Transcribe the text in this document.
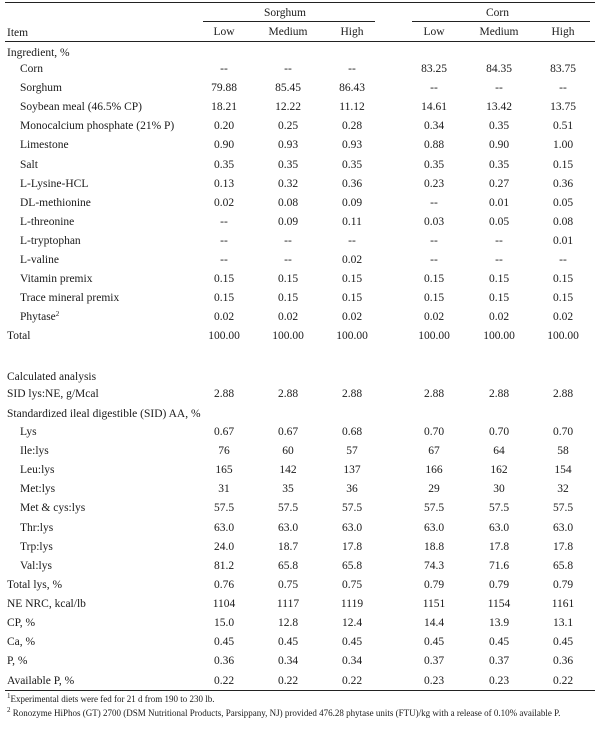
Sorghum	Corn
Item	Low	Medium	High	Low	Medium	High
Ingredient, %
Corn	--	--	--	83.25	84.35	83.75
Sorghum	79.88	85.45	86.43	--	--	--
Soybean meal (46.5% CP)	18.21	12.22	11.12	14.61	13.42	13.75
Monocalcium phosphate (21% P)	0.20	0.25	0.28	0.34	0.35	0.51
Limestone	0.90	0.93	0.93	0.88	0.90	1.00
Salt	0.35	0.35	0.35	0.35	0.35	0.15
L-Lysine-HCL	0.13	0.32	0.36	0.23	0.27	0.36
DL-methionine	0.02	0.08	0.09	--	0.01	0.05
L-threonine	--	0.09	0.11	0.03	0.05	0.08
L-tryptophan	--	--	--	--	--	0.01
L-valine	--	--	0.02	--	--	--
Vitamin premix	0.15	0.15	0.15	0.15	0.15	0.15
Trace mineral premix	0.15	0.15	0.15	0.15	0.15	0.15
Phytase$^2$	0.02	0.02	0.02	0.02	0.02	0.02
Total	100.00	100.00	100.00	100.00	100.00	100.00
Calculated analysis
SID lys:NE, g/Mcal	2.88	2.88	2.88	2.88	2.88	2.88
Standardized ileal digestible (SID) AA, %
Lys	0.67	0.67	0.68	0.70	0.70	0.70
Ile:lys	76	60	57	67	64	58
Leu:lys	165	142	137	166	162	154
Met:lys	31	35	36	29	30	32
Met & cys:lys	57.5	57.5	57.5	57.5	57.5	57.5
Thr:lys	63.0	63.0	63.0	63.0	63.0	63.0
Trp:lys	24.0	18.7	17.8	18.8	17.8	17.8
Val:lys	81.2	65.8	65.8	74.3	71.6	65.8
Total lys, %	0.76	0.75	0.75	0.79	0.79	0.79
NE NRC, kcal/lb	1104	1117	1119	1151	1154	1161
CP, %	15.0	12.8	12.4	14.4	13.9	13.1
Ca, %	0.45	0.45	0.45	0.45	0.45	0.45
P, %	0.36	0.34	0.34	0.37	0.37	0.36
Available P, %	0.22	0.22	0.22	0.23	0.23	0.22
$^1$Experimental diets were fed for 21 d from 190 to 230 lb.
$^2$ Ronozyme HiPhos (GT) 2700 (DSM Nutritional Products, Parsippany, NJ) provided 476.28 phytase units (FTU)/kg with a release of 0.10% available P.
